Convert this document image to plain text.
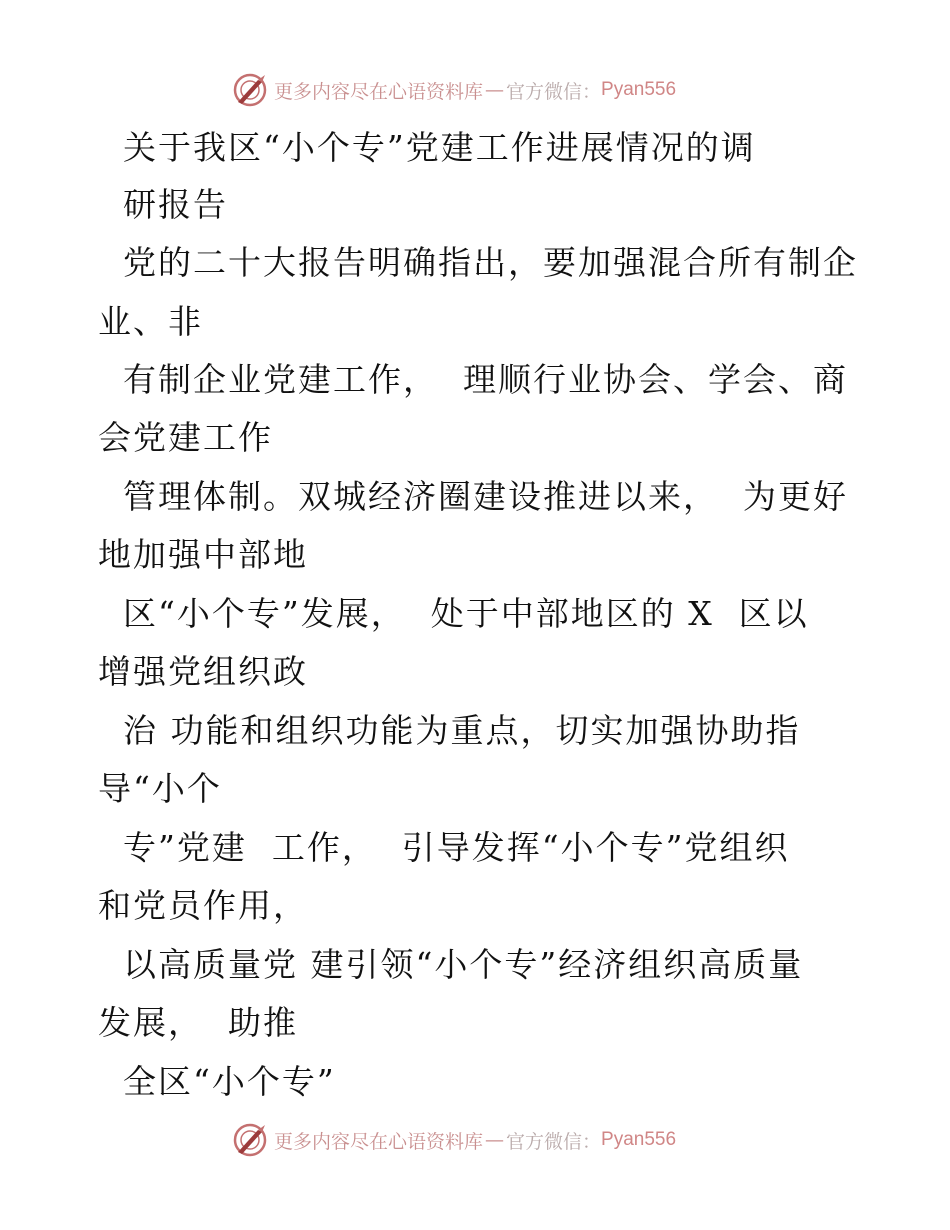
更多内容尽在心语资料库 — 官方微信： Pyan556
关于我区“小个专”党建工作进展情况的调
研报告
党的二十大报告明确指出，要加强混合所有制企
业、非
有制企业党建工作，  理顺行业协会、学会、商
会党建工作
管理体制。双城经济圈建设推进以来，  为更好
地加强中部地
区“小个专”发展，  处于中部地区的 X  区以
增强党组织政
治 功能和组织功能为重点，切实加强协助指
导“小个
专”党建  工作，  引导发挥“小个专”党组织
和党员作用，
以高质量党 建引领“小个专”经济组织高质量
发展，  助推
全区“小个专”
更多内容尽在心语资料库 — 官方微信： Pyan556
